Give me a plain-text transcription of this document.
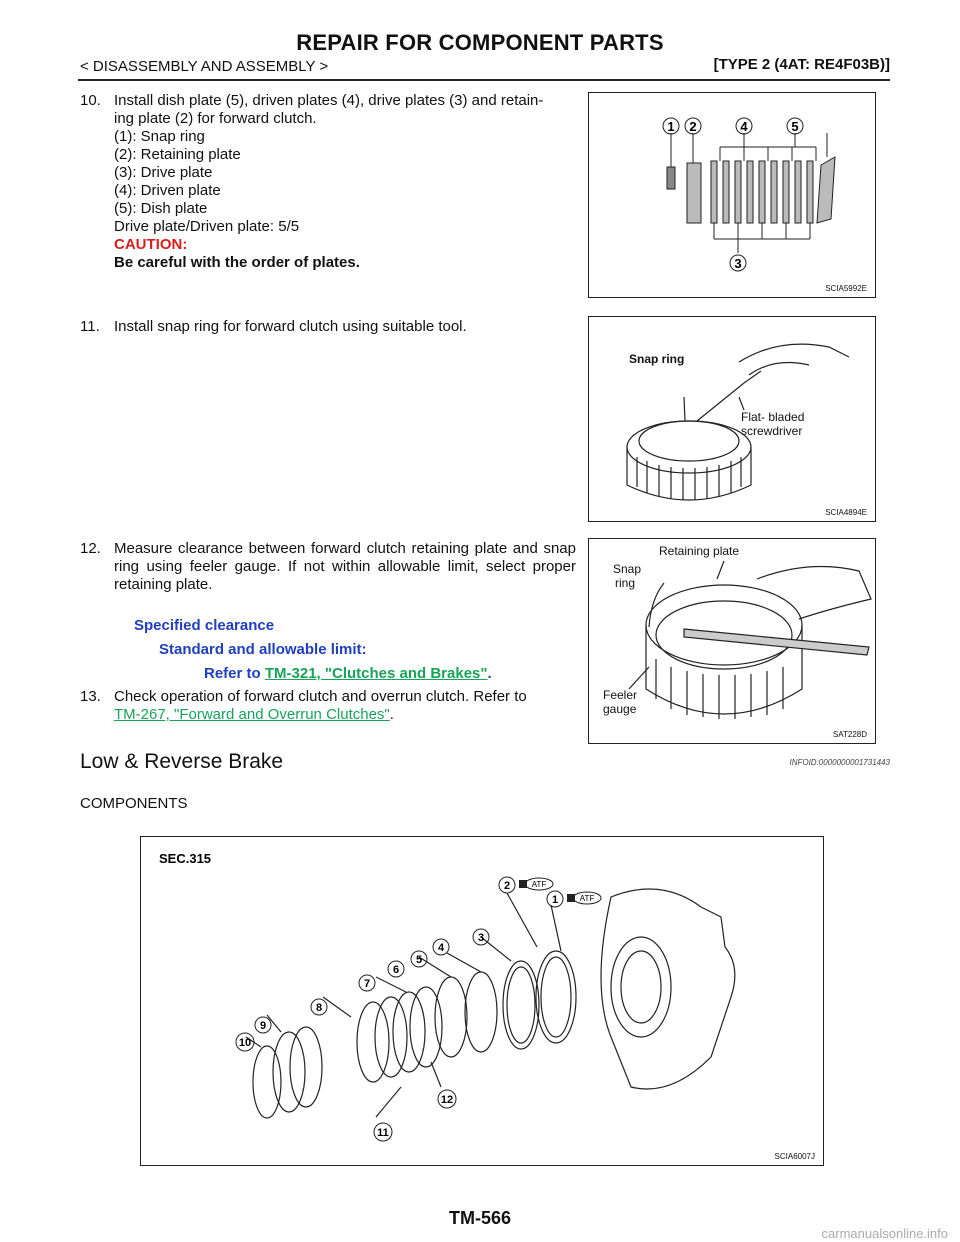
REPAIR FOR COMPONENT PARTS
< DISASSEMBLY AND ASSEMBLY >	[TYPE 2 (4AT: RE4F03B)]
10. Install dish plate (5), driven plates (4), drive plates (3) and retain-
ing plate (2) for forward clutch.
(1): Snap ring
(2): Retaining plate
(3): Drive plate
(4): Driven plate
(5): Dish plate
Drive plate/Driven plate: 5/5
CAUTION:
Be careful with the order of plates.
11. Install snap ring for forward clutch using suitable tool.
12. Measure clearance between forward clutch retaining plate and snap ring using feeler gauge. If not within allowable limit, select proper retaining plate.
Specified clearance
Standard and allowable limit:
Refer to TM-321, "Clutches and Brakes".
13. Check operation of forward clutch and overrun clutch. Refer to
TM-267, "Forward and Overrun Clutches".
1 2	4	5
3
SCIA5992E
Snap ring
Flat- bladed
screwdriver
SCIA4894E
Retaining plate
Snap
ring
Feeler
gauge
SAT228D
Low & Reverse Brake	INFOID:0000000001731443
COMPONENTS
SEC.315
1
2
3
4
5
6
7
8
9
10
11
12
ATF
ATF
SCIA6007J
TM-566
carmanualsonline.info
